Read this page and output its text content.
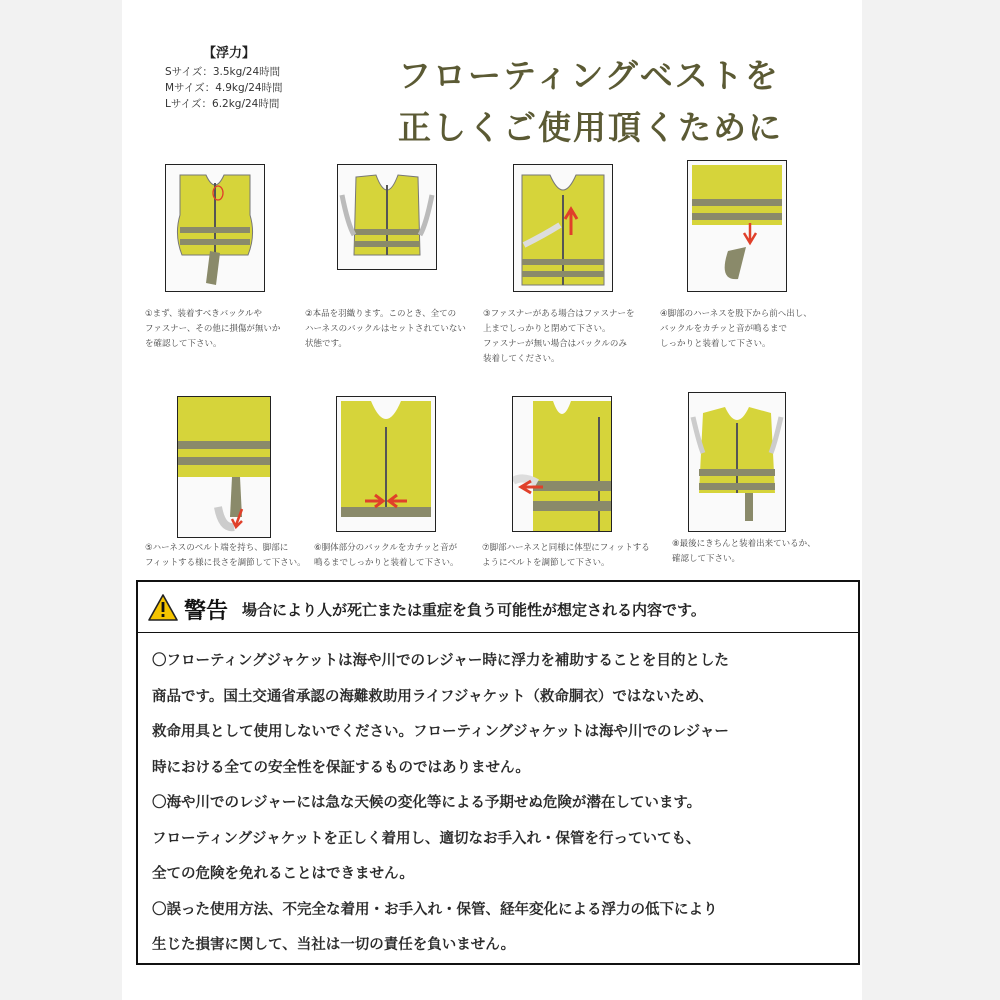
【浮力】
Sサイズ：3.5kg/24時間
Mサイズ：4.9kg/24時間
Lサイズ：6.2kg/24時間
フローティングベストを
正しくご使用頂くために
①まず、装着すべきバックルや
ファスナー、その他に損傷が無いか
を確認して下さい。
②本品を羽織ります。このとき、全ての
ハーネスのバックルはセットされていない
状態です。
③ファスナーがある場合はファスナーを
上までしっかりと閉めて下さい。
ファスナーが無い場合はバックルのみ
装着してください。
④脚部のハーネスを股下から前へ出し、
バックルをカチッと音が鳴るまで
しっかりと装着して下さい。
⑤ハーネスのベルト端を持ち、脚部に
フィットする様に長さを調節して下さい。
⑥胴体部分のバックルをカチッと音が
鳴るまでしっかりと装着して下さい。
⑦脚部ハーネスと同様に体型にフィットする
ようにベルトを調節して下さい。
⑧最後にきちんと装着出来ているか、
確認して下さい。
警告 場合により人が死亡または重症を負う可能性が想定される内容です。
〇フローティングジャケットは海や川でのレジャー時に浮力を補助することを目的とした
商品です。国土交通省承認の海難救助用ライフジャケット（救命胴衣）ではないため、
救命用具として使用しないでください。フローティングジャケットは海や川でのレジャー
時における全ての安全性を保証するものではありません。
〇海や川でのレジャーには急な天候の変化等による予期せぬ危険が潜在しています。
フローティングジャケットを正しく着用し、適切なお手入れ・保管を行っていても、
全ての危険を免れることはできません。
〇誤った使用方法、不完全な着用・お手入れ・保管、経年変化による浮力の低下により
生じた損害に関して、当社は一切の責任を負いません。
